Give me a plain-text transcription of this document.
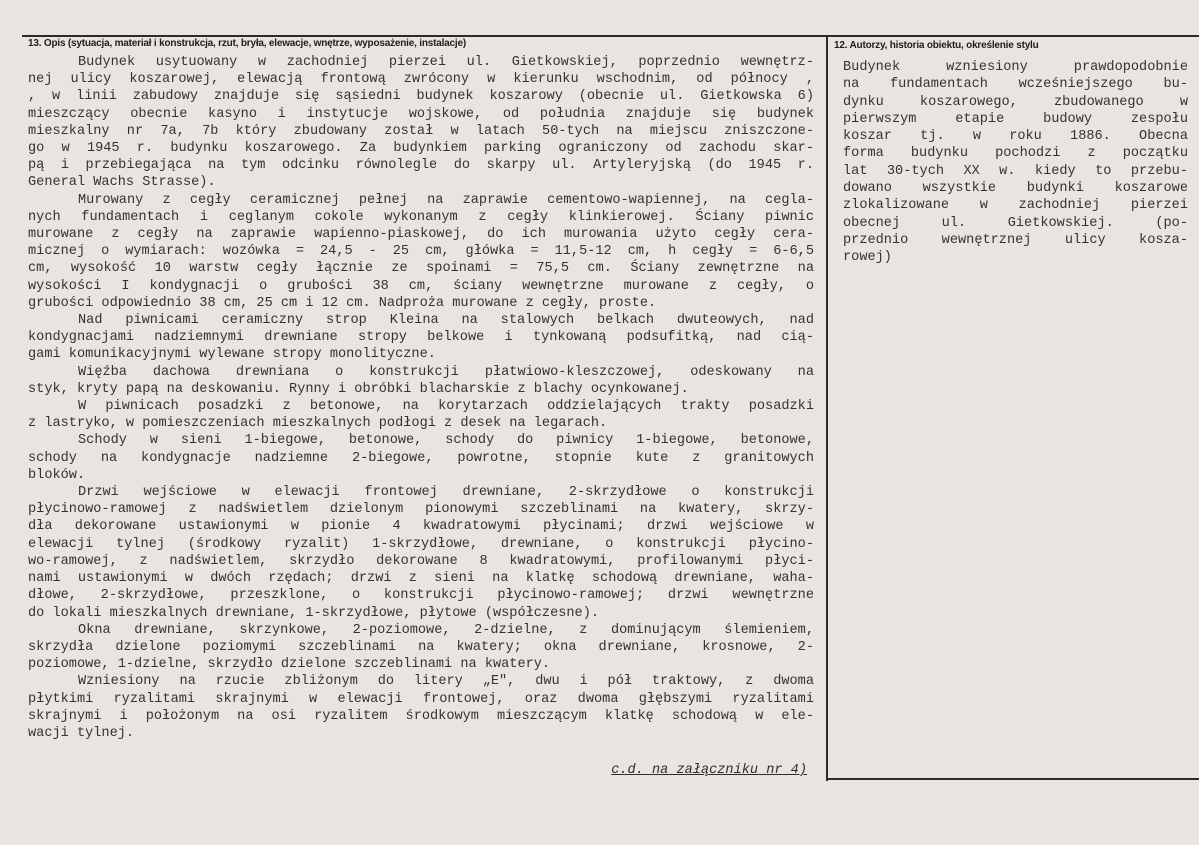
13. Opis (sytuacja, materiał i konstrukcja, rzut, bryła, elewacje, wnętrze, wyposażenie, instalacje)	12. Autorzy, historia obiektu, określenie stylu
Budynek usytuowany w zachodniej pierzei ul. Gietkowskiej, poprzednio wewnętrz-
nej ulicy koszarowej, elewacją frontową zwrócony w kierunku wschodnim, od północy ,
, w linii zabudowy znajduje się sąsiedni budynek koszarowy (obecnie ul. Gietkowska 6)
mieszczący obecnie kasyno i instytucje wojskowe, od południa znajduje się budynek
mieszkalny nr 7a, 7b który zbudowany został w latach 50-tych na miejscu zniszczone-
go w 1945 r. budynku koszarowego. Za budynkiem parking ograniczony od zachodu skar-
pą i przebiegająca na tym odcinku równolegle do skarpy ul. Artyleryjską (do 1945 r.
General Wachs Strasse).
Murowany z cegły ceramicznej pełnej na zaprawie cementowo-wapiennej, na cegla-
nych fundamentach i ceglanym cokole wykonanym z cegły klinkierowej. Ściany piwnic
murowane z cegły na zaprawie wapienno-piaskowej, do ich murowania użyto cegły cera-
micznej o wymiarach: wozówka = 24,5 - 25 cm, główka = 11,5-12 cm, h cegły = 6-6,5
cm, wysokość 10 warstw cegły łącznie ze spoinami = 75,5 cm. Ściany zewnętrzne na
wysokości I kondygnacji o grubości 38 cm, ściany wewnętrzne murowane z cegły, o
grubości odpowiednio 38 cm, 25 cm i 12 cm. Nadproża murowane z cegły, proste.
Nad piwnicami ceramiczny strop Kleina na stalowych belkach dwuteowych, nad
kondygnacjami nadziemnymi drewniane stropy belkowe i tynkowaną podsufitką, nad cią-
gami komunikacyjnymi wylewane stropy monolityczne.
Więźba dachowa drewniana o konstrukcji płatwiowo-kleszczowej, odeskowany na
styk, kryty papą na deskowaniu. Rynny i obróbki blacharskie z blachy ocynkowanej.
W piwnicach posadzki z betonowe, na korytarzach oddzielających trakty posadzki
z lastryko, w pomieszczeniach mieszkalnych podłogi z desek na legarach.
Schody w sieni 1-biegowe, betonowe, schody do piwnicy 1-biegowe, betonowe,
schody na kondygnacje nadziemne 2-biegowe, powrotne, stopnie kute z granitowych
bloków.
Drzwi wejściowe w elewacji frontowej drewniane, 2-skrzydłowe o konstrukcji
płycinowo-ramowej z nadświetlem dzielonym pionowymi szczeblinami na kwatery, skrzy-
dła dekorowane ustawionymi w pionie 4 kwadratowymi płycinami; drzwi wejściowe w
elewacji tylnej (środkowy ryzalit) 1-skrzydłowe, drewniane, o konstrukcji płycino-
wo-ramowej, z nadświetlem, skrzydło dekorowane 8 kwadratowymi, profilowanymi płyci-
nami ustawionymi w dwóch rzędach; drzwi z sieni na klatkę schodową drewniane, waha-
dłowe, 2-skrzydłowe, przeszklone, o konstrukcji płycinowo-ramowej; drzwi wewnętrzne
do lokali mieszkalnych drewniane, 1-skrzydłowe, płytowe (współczesne).
Okna drewniane, skrzynkowe, 2-poziomowe, 2-dzielne, z dominującym ślemieniem,
skrzydła dzielone poziomymi szczeblinami na kwatery; okna drewniane, krosnowe, 2-
poziomowe, 1-dzielne, skrzydło dzielone szczeblinami na kwatery.
Wzniesiony na rzucie zbliżonym do litery „E", dwu i pół traktowy, z dwoma
płytkimi ryzalitami skrajnymi w elewacji frontowej, oraz dwoma głębszymi ryzalitami
skrajnymi i położonym na osi ryzalitem środkowym mieszczącym klatkę schodową w ele-
wacji tylnej.
c.d. na załączniku nr 4)
Budynek wzniesiony prawdopodobnie
na fundamentach wcześniejszego bu-
dynku koszarowego, zbudowanego w
pierwszym etapie budowy zespołu
koszar tj. w roku 1886. Obecna
forma budynku pochodzi z początku
lat 30-tych XX w. kiedy to przebu-
dowano wszystkie budynki koszarowe
zlokalizowane w zachodniej pierzei
obecnej ul. Gietkowskiej. (po-
przednio wewnętrznej ulicy kosza-
rowej)
